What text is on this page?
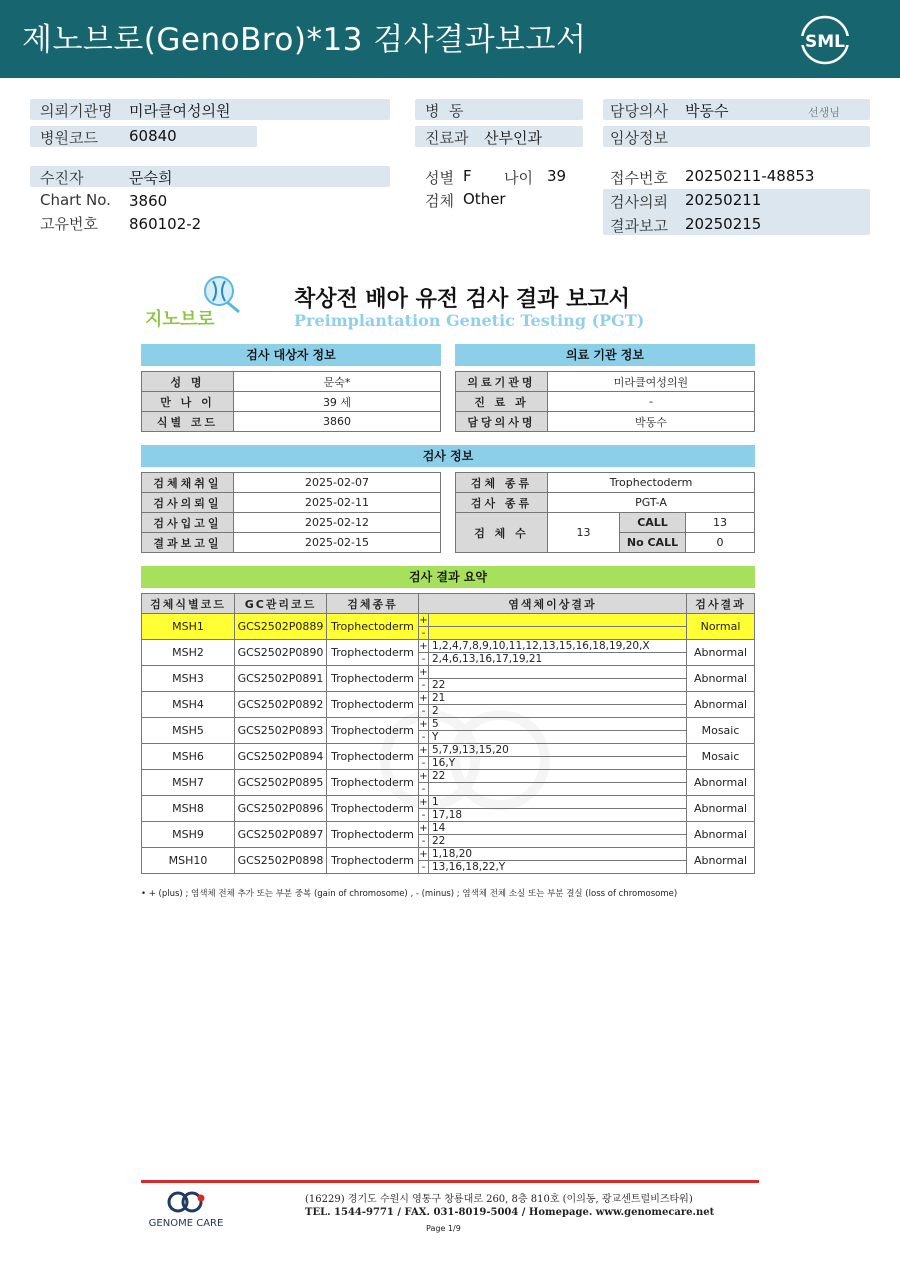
제노브로(GenoBro)*13 검사결과보고서	SML
의뢰기관명 미라클여성의원
병원코드 60840
수진자	문숙희
Chart No. 3860
고유번호 860102-2
병  동
진료과 산부인과
성별 F 나이 39
검체 Other
담당의사 박동수	선생님
임상정보
접수번호 20250211-48853
검사의뢰 20250211
결과보고 20250215
지노브로
착상전 배아 유전 검사 결과 보고서
Preimplantation Genetic Testing (PGT)
검사 대상자 정보
성 명	문숙*
만 나 이	39 세
식별 코드	3860
의료 기관 정보
의료기관명	미라클여성의원
진 료 과	-
담당의사명	박동수
검사 정보
검체채취일	2025-02-07
검사의뢰일	2025-02-11
검사입고일	2025-02-12
결과보고일	2025-02-15
검체 종류	Trophectoderm		
검사 종류	PGT-A		
검 체 수	13	CALL	13
		No CALL	0
검사 결과 요약
검체식별코드	GC관리코드	검체종류	염색체이상결과		검사결과
MSH1	GCS2502P0889	Trophectoderm	+		Normal
			-		
MSH2	GCS2502P0890	Trophectoderm	+	1,2,4,7,8,9,10,11,12,13,15,16,18,19,20,X	Abnormal
			-	2,4,6,13,16,17,19,21	
MSH3	GCS2502P0891	Trophectoderm	+		Abnormal
			-	22	
MSH4	GCS2502P0892	Trophectoderm	+	21	Abnormal
			-	2	
MSH5	GCS2502P0893	Trophectoderm	+	5	Mosaic
			-	Y	
MSH6	GCS2502P0894	Trophectoderm	+	5,7,9,13,15,20	Mosaic
			-	16,Y	
MSH7	GCS2502P0895	Trophectoderm	+	22	Abnormal
			-		
MSH8	GCS2502P0896	Trophectoderm	+	1	Abnormal
			-	17,18	
MSH9	GCS2502P0897	Trophectoderm	+	14	Abnormal
			-	22	
MSH10	GCS2502P0898	Trophectoderm	+	1,18,20	Abnormal
			-	13,16,18,22,Y	
• + (plus) ; 염색체 전체 추가 또는 부분 중복 (gain of chromosome) , - (minus) ; 염색체 전체 소실 또는 부분 결실 (loss of chromosome)
GENOME CARE
(16229) 경기도 수원시 영통구 창룡대로 260, 8층 810호 (이의동, 광교센트럴비즈타워)
TEL. 1544-9771 / FAX. 031-8019-5004 / Homepage. www.genomecare.net
Page 1/9
